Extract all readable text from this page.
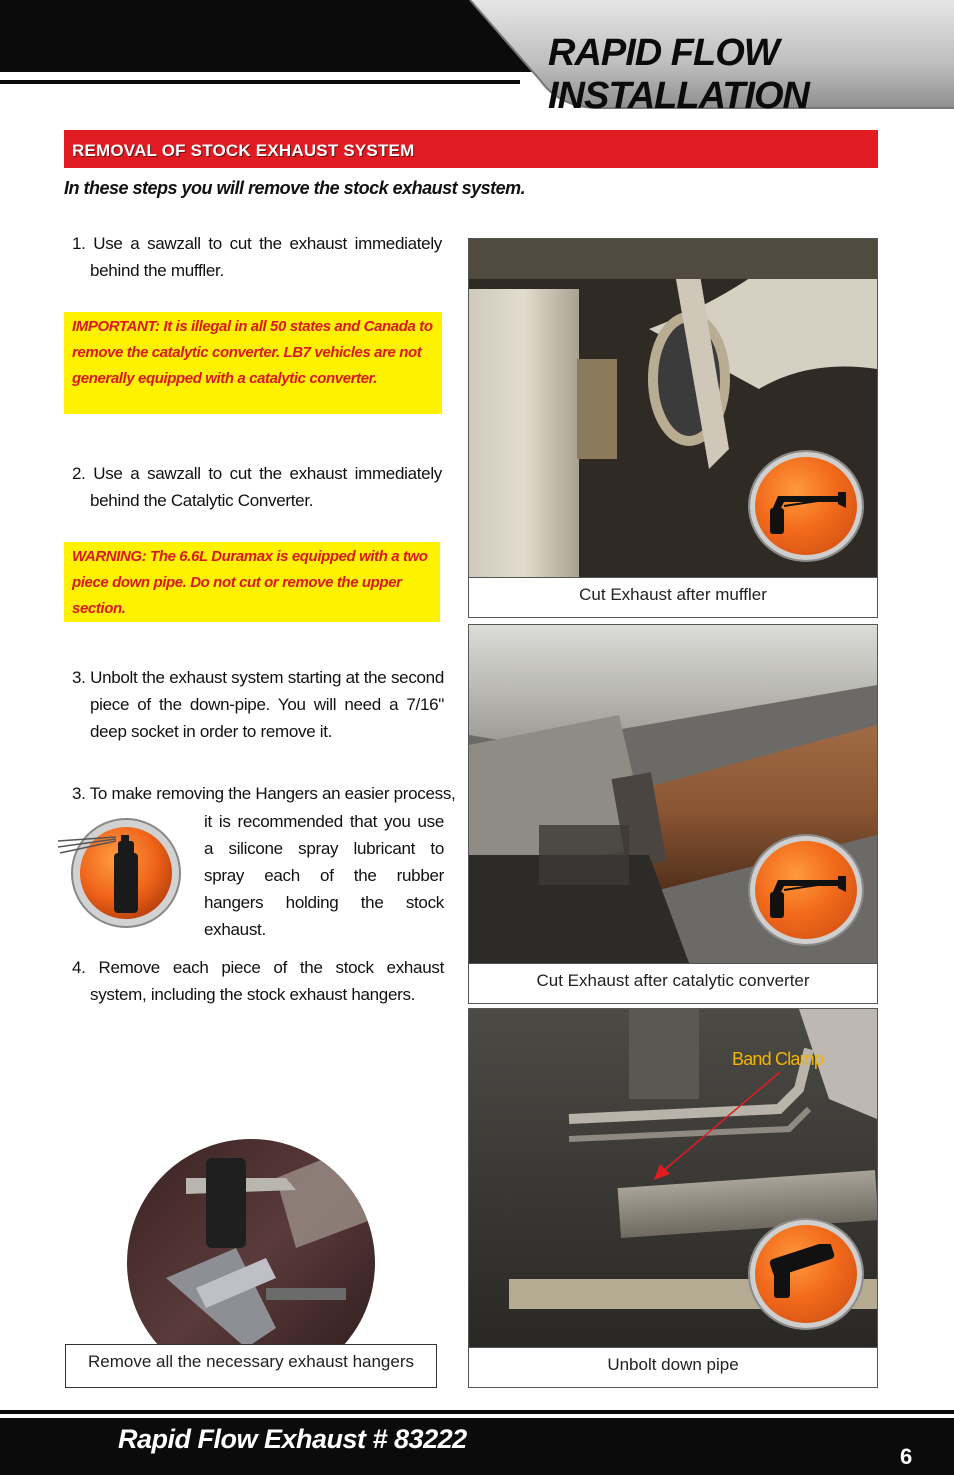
RAPID FLOW INSTALLATION
REMOVAL OF STOCK EXHAUST SYSTEM
In these steps you will remove the stock exhaust system.
1. Use a sawzall to cut the exhaust immediately behind the muffler.
IMPORTANT: It is illegal in all 50 states and Canada to remove the catalytic converter. LB7 vehicles are not generally equipped with a catalytic converter.
2. Use a sawzall to cut the exhaust immediately behind the Catalytic Converter.
WARNING: The 6.6L Duramax is equipped with a two piece down pipe. Do not cut or remove the upper section.
3. Unbolt the exhaust system starting at the second piece of the down-pipe. You will need a 7/16" deep socket in order to remove it.
3. To make removing the Hangers an easier process,
it is recommended that you use a silicone spray lubricant to spray each of the rubber hangers holding the stock exhaust.
4. Remove each piece of the stock exhaust system, including the stock exhaust hangers.
Remove all the necessary exhaust hangers
Cut Exhaust after muffler
Cut Exhaust after catalytic converter
Band Clamp
Unbolt down pipe
Rapid Flow Exhaust # 83222
6
